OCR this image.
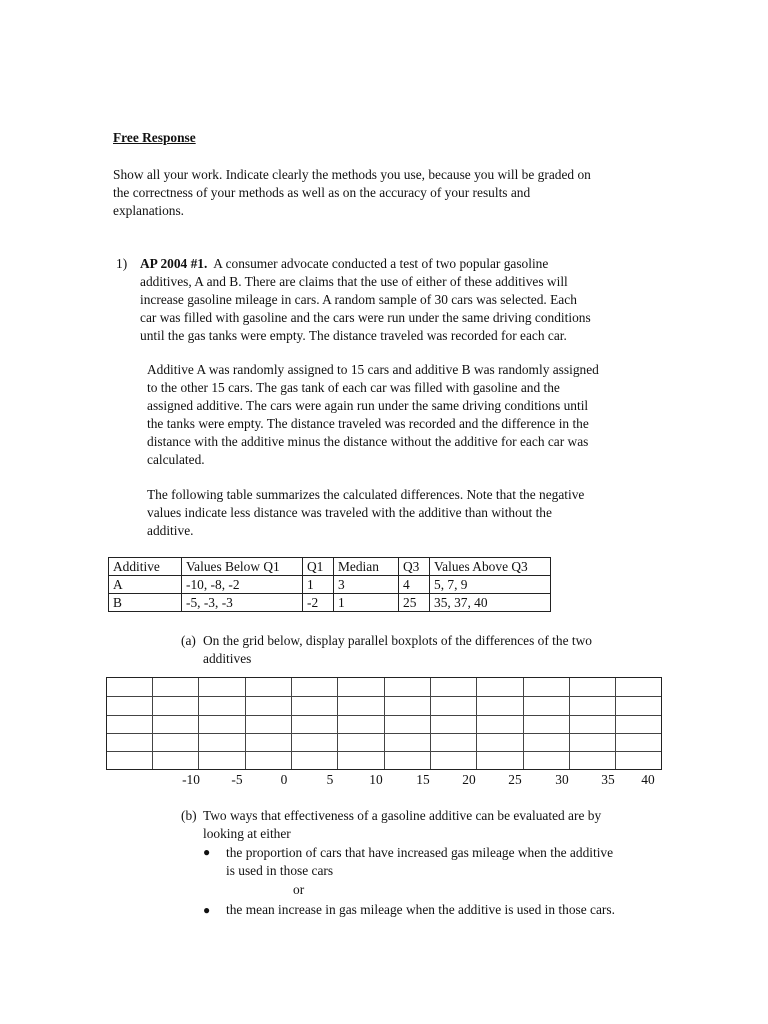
Free Response
Show all your work. Indicate clearly the methods you use, because you will be graded on
the correctness of your methods as well as on the accuracy of your results and
explanations.
1) AP 2004 #1.  A consumer advocate conducted a test of two popular gasoline
additives, A and B. There are claims that the use of either of these additives will
increase gasoline mileage in cars. A random sample of 30 cars was selected. Each
car was filled with gasoline and the cars were run under the same driving conditions
until the gas tanks were empty. The distance traveled was recorded for each car.
Additive A was randomly assigned to 15 cars and additive B was randomly assigned
to the other 15 cars. The gas tank of each car was filled with gasoline and the
assigned additive. The cars were again run under the same driving conditions until
the tanks were empty. The distance traveled was recorded and the difference in the
distance with the additive minus the distance without the additive for each car was
calculated.
The following table summarizes the calculated differences. Note that the negative
values indicate less distance was traveled with the additive than without the
additive.
Additive	Values Below Q1	Q1	Median	Q3	Values Above Q3
A	-10, -8, -2	1	3	4	5, 7, 9
B	-5, -3, -3	-2	1	25	35, 37, 40
(a) On the grid below, display parallel boxplots of the differences of the two
additives
-10 -5	0	5	10	15 20 25	30 35 40
(b) Two ways that effectiveness of a gasoline additive can be evaluated are by
looking at either
● the proportion of cars that have increased gas mileage when the additive
is used in those cars
or
● the mean increase in gas mileage when the additive is used in those cars.
